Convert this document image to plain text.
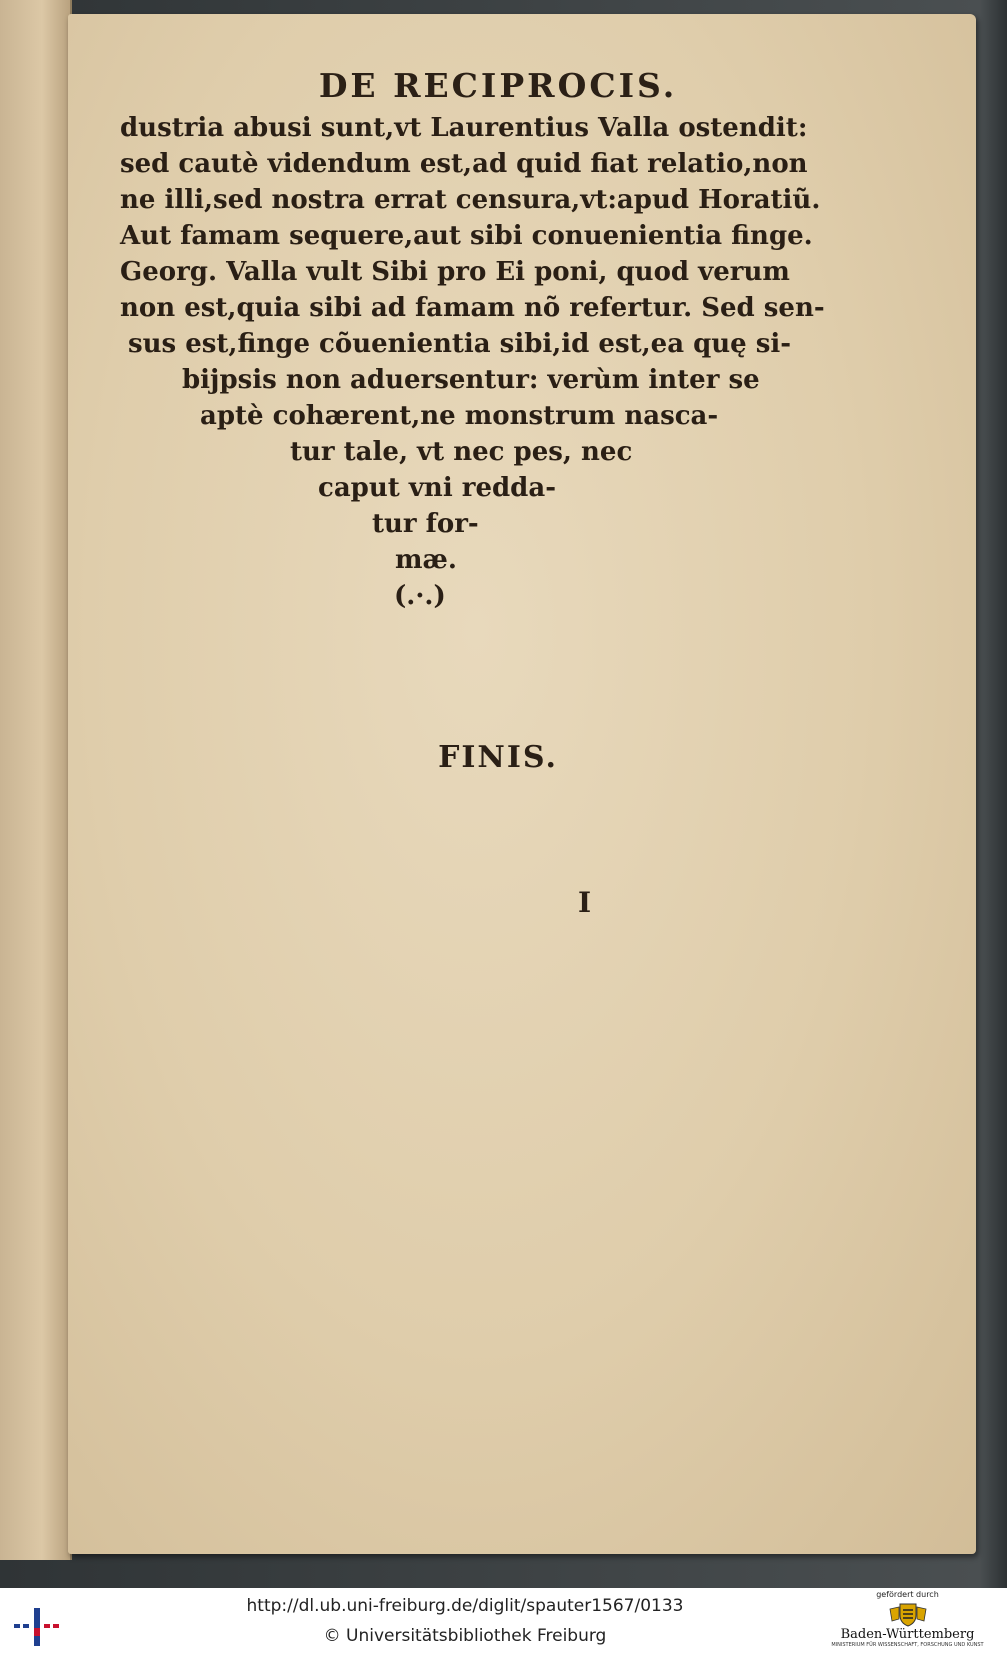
DE RECIPROCIS.
dustria abusi sunt,vt Laurentius Valla ostendit:
sed cautè videndum est,ad quid fiat relatio,non
ne illi,sed nostra errat censura,vt:apud Horatiũ.
Aut famam sequere,aut sibi conuenientia finge.
Georg. Valla vult Sibi pro Ei poni, quod verum
non est,quia sibi ad famam nõ refertur. Sed sen-
sus est,finge cõuenientia sibi,id est,ea quę si-
bijpsis non aduersentur: verùm inter se
aptè cohærent,ne monstrum nasca-
tur tale, vt nec pes, nec
caput vni redda-
tur for-
mæ.
(.·.)
FINIS.
I
http://dl.ub.uni-freiburg.de/diglit/spauter1567/0133
© Universitätsbibliothek Freiburg
gefördert durch
Baden-Württemberg
MINISTERIUM FÜR WISSENSCHAFT, FORSCHUNG UND KUNST
